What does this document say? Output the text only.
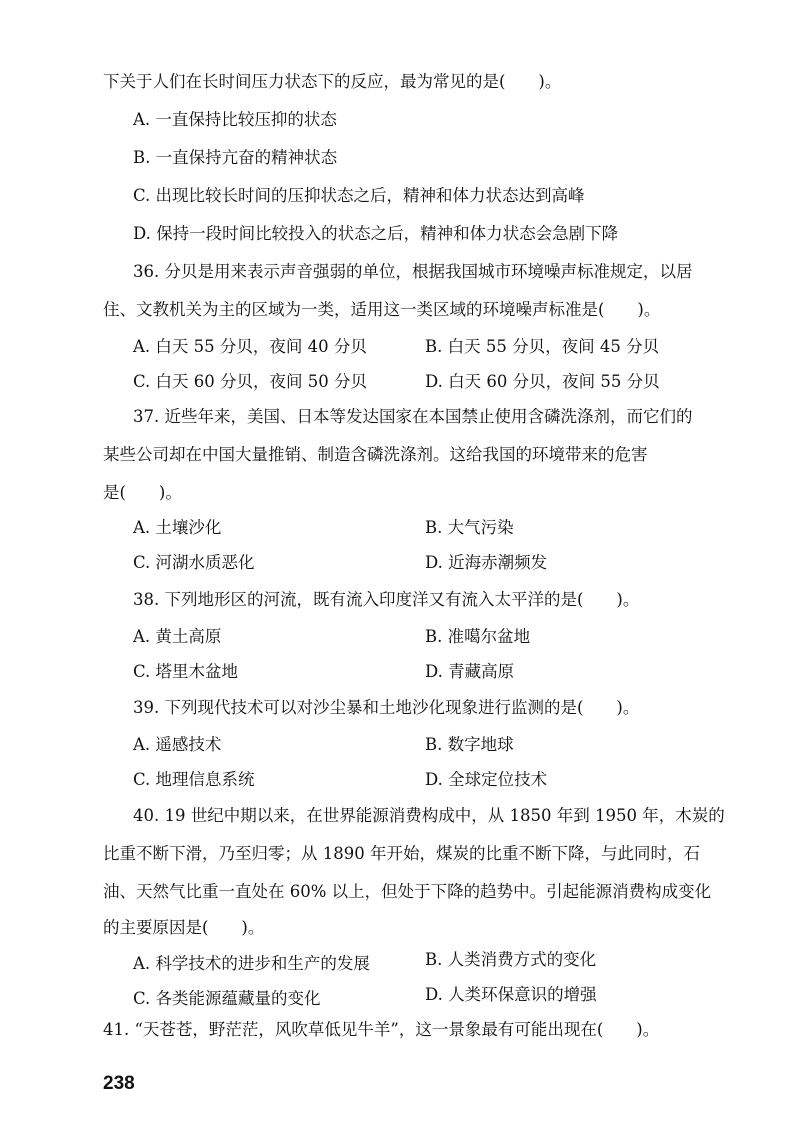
下关于人们在长时间压力状态下的反应，最为常见的是(　　)。
A. 一直保持比较压抑的状态
B. 一直保持亢奋的精神状态
C. 出现比较长时间的压抑状态之后，精神和体力状态达到高峰
D. 保持一段时间比较投入的状态之后，精神和体力状态会急剧下降
36. 分贝是用来表示声音强弱的单位，根据我国城市环境噪声标准规定，以居
住、文教机关为主的区域为一类，适用这一类区域的环境噪声标准是(　　)。
A. 白天 55 分贝，夜间 40 分贝	B. 白天 55 分贝，夜间 45 分贝
C. 白天 60 分贝，夜间 50 分贝	D. 白天 60 分贝，夜间 55 分贝
37. 近些年来，美国、日本等发达国家在本国禁止使用含磷洗涤剂，而它们的
某些公司却在中国大量推销、制造含磷洗涤剂。这给我国的环境带来的危害
是(　　)。
A. 土壤沙化	B. 大气污染
C. 河湖水质恶化	D. 近海赤潮频发
38. 下列地形区的河流，既有流入印度洋又有流入太平洋的是(　　)。
A. 黄土高原	B. 准噶尔盆地
C. 塔里木盆地	D. 青藏高原
39. 下列现代技术可以对沙尘暴和土地沙化现象进行监测的是(　　)。
A. 遥感技术	B. 数字地球
C. 地理信息系统	D. 全球定位技术
40. 19 世纪中期以来，在世界能源消费构成中，从 1850 年到 1950 年，木炭的
比重不断下滑，乃至归零；从 1890 年开始，煤炭的比重不断下降，与此同时，石
油、天然气比重一直处在 60% 以上，但处于下降的趋势中。引起能源消费构成变化
的主要原因是(　　)。
A. 科学技术的进步和生产的发展	B. 人类消费方式的变化
C. 各类能源蕴藏量的变化	D. 人类环保意识的增强
41. “天苍苍，野茫茫，风吹草低见牛羊”，这一景象最有可能出现在(　　)。
238
